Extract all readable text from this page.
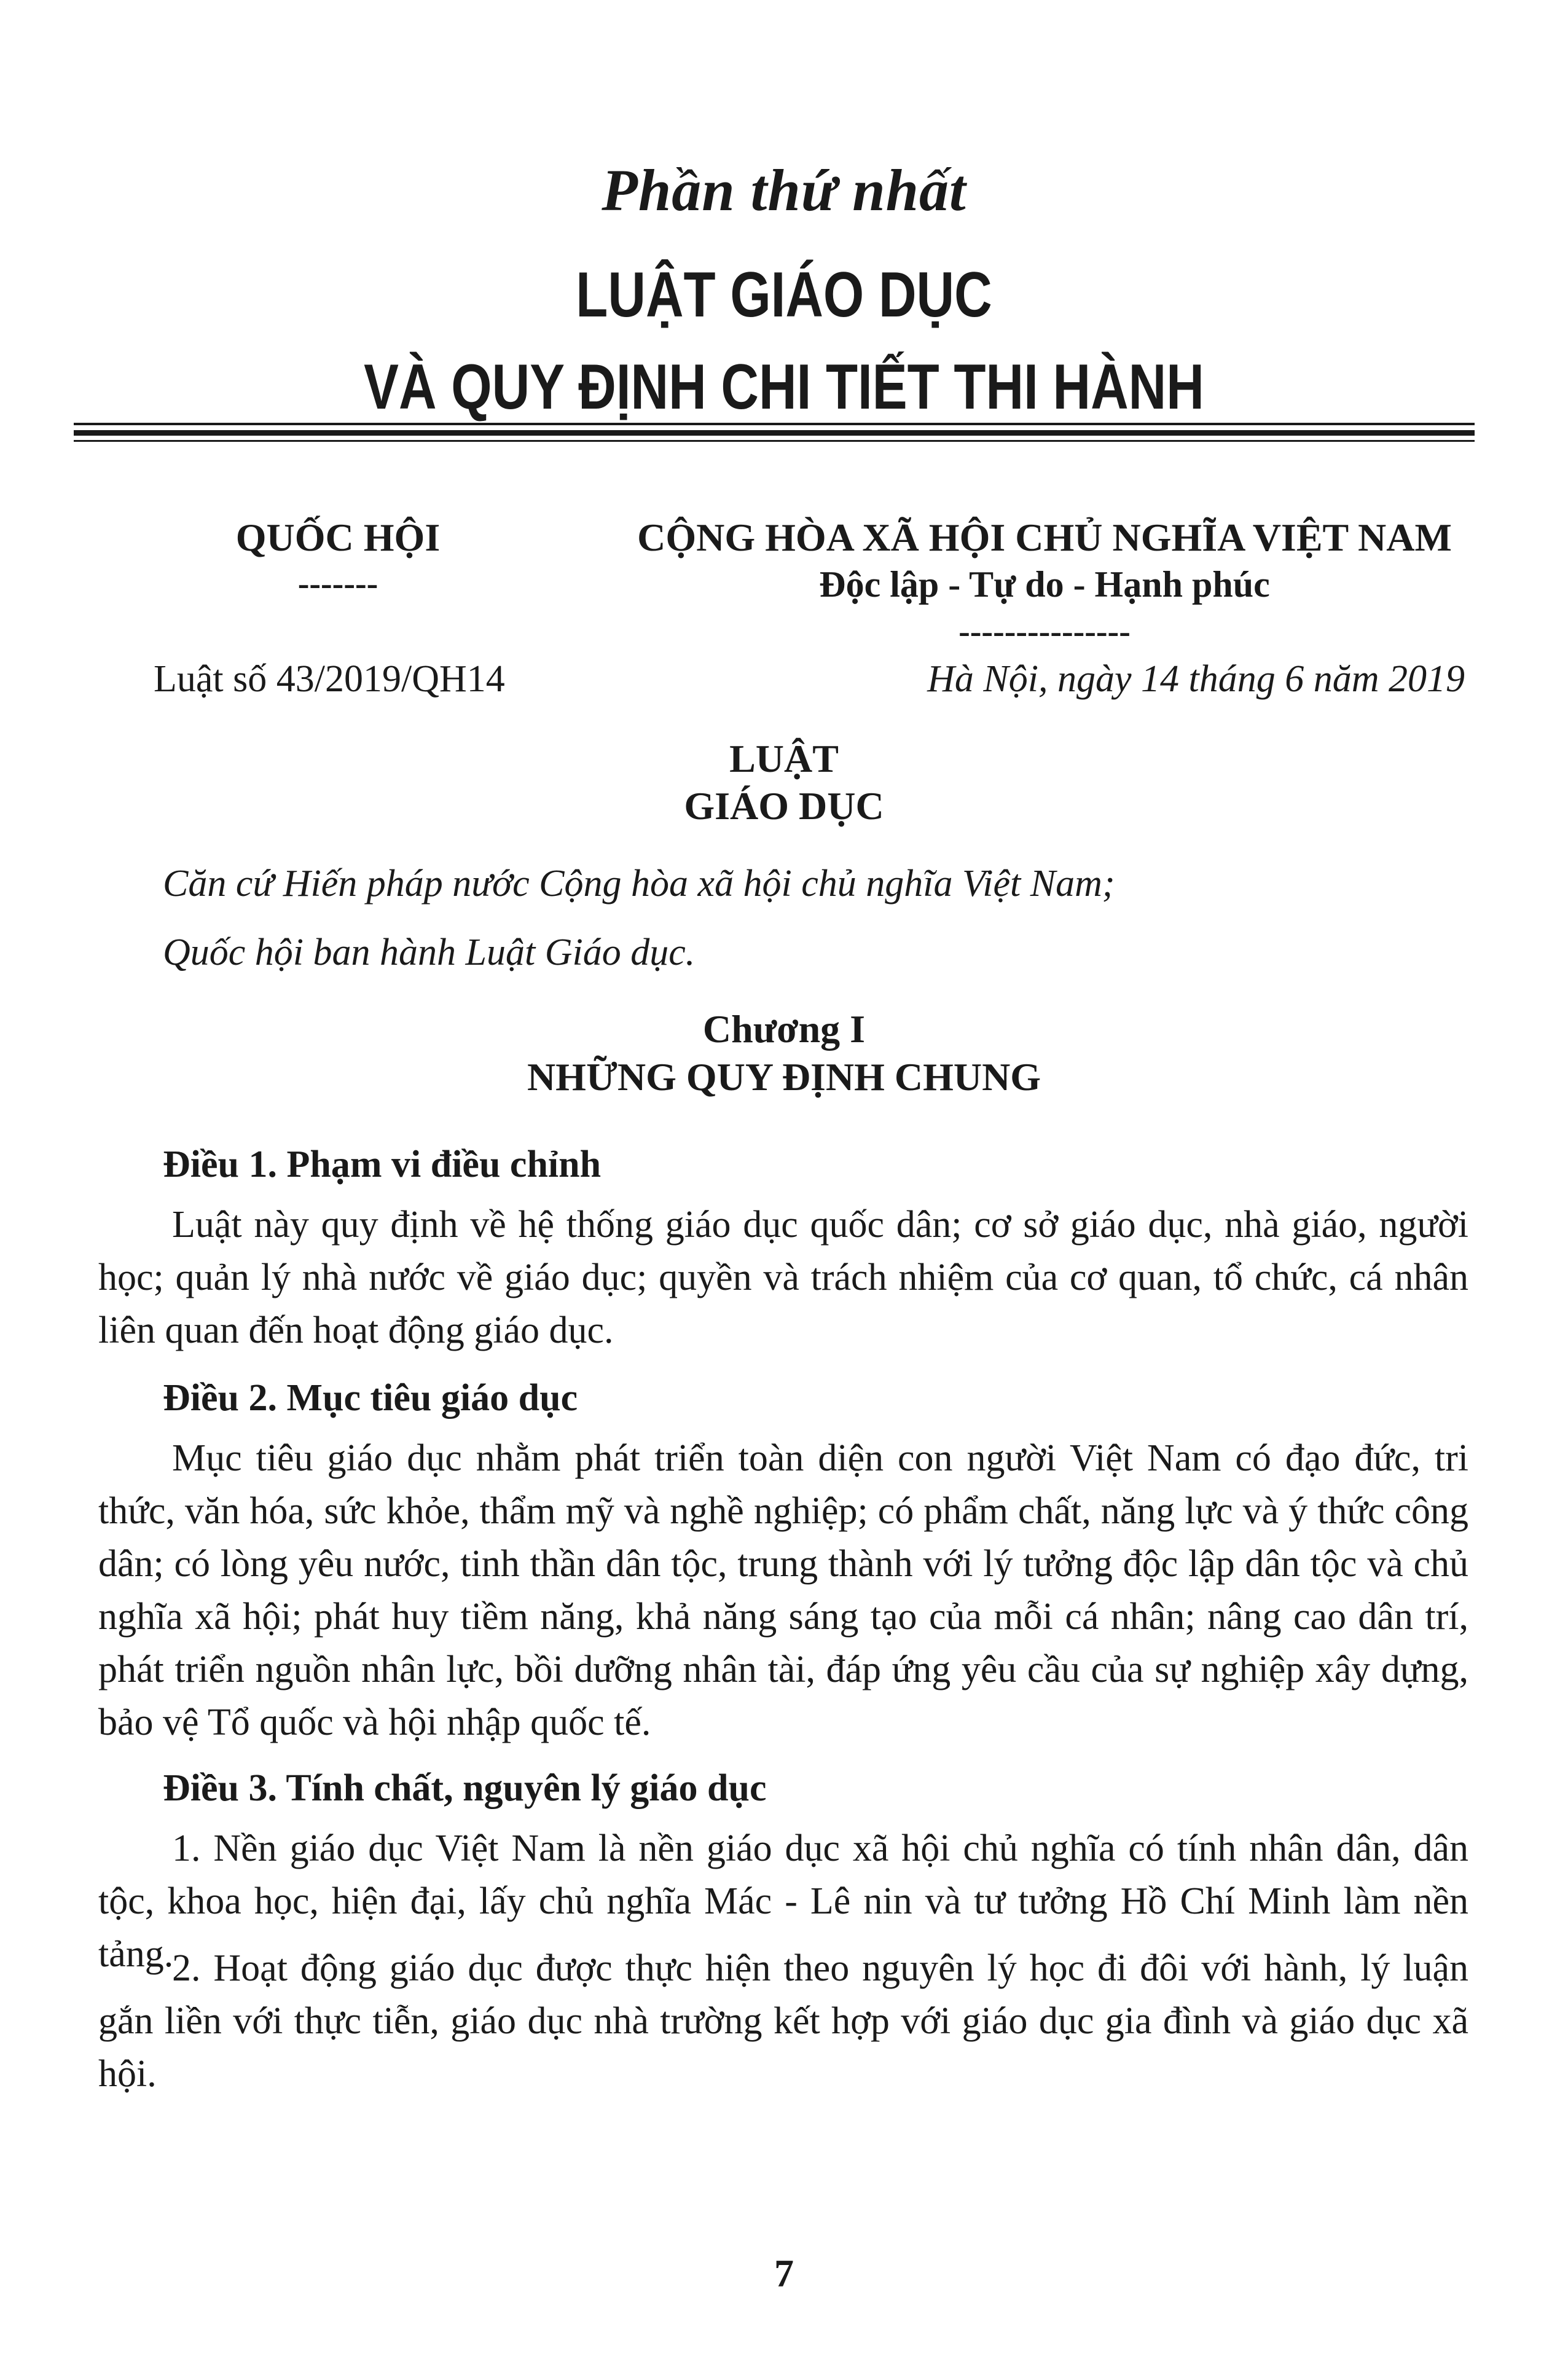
Phần thứ nhất
LUẬT GIÁO DỤC
VÀ QUY ĐỊNH CHI TIẾT THI HÀNH
QUỐC HỘI
-------
CỘNG HÒA XÃ HỘI CHỦ NGHĨA VIỆT NAM
Độc lập - Tự do - Hạnh phúc
---------------
Luật số 43/2019/QH14	Hà Nội, ngày 14 tháng 6 năm 2019
LUẬT
GIÁO DỤC
Căn cứ Hiến pháp nước Cộng hòa xã hội chủ nghĩa Việt Nam;
Quốc hội ban hành Luật Giáo dục.
Chương I
NHỮNG QUY ĐỊNH CHUNG
Điều 1. Phạm vi điều chỉnh

Luật này quy định về hệ thống giáo dục quốc dân; cơ sở giáo dục, nhà giáo, người học; quản lý nhà nước về giáo dục; quyền và trách nhiệm của cơ quan, tổ chức, cá nhân liên quan đến hoạt động giáo dục.

Điều 2. Mục tiêu giáo dục

Mục tiêu giáo dục nhằm phát triển toàn diện con người Việt Nam có đạo đức, tri thức, văn hóa, sức khỏe, thẩm mỹ và nghề nghiệp; có phẩm chất, năng lực và ý thức công dân; có lòng yêu nước, tinh thần dân tộc, trung thành với lý tưởng độc lập dân tộc và chủ nghĩa xã hội; phát huy tiềm năng, khả năng sáng tạo của mỗi cá nhân; nâng cao dân trí, phát triển nguồn nhân lực, bồi dưỡng nhân tài, đáp ứng yêu cầu của sự nghiệp xây dựng, bảo vệ Tổ quốc và hội nhập quốc tế.

Điều 3. Tính chất, nguyên lý giáo dục

1. Nền giáo dục Việt Nam là nền giáo dục xã hội chủ nghĩa có tính nhân dân, dân tộc, khoa học, hiện đại, lấy chủ nghĩa Mác - Lê nin và tư tưởng Hồ Chí Minh làm nền tảng.

2. Hoạt động giáo dục được thực hiện theo nguyên lý học đi đôi với hành, lý luận gắn liền với thực tiễn, giáo dục nhà trường kết hợp với giáo dục gia đình và giáo dục xã hội.

7
